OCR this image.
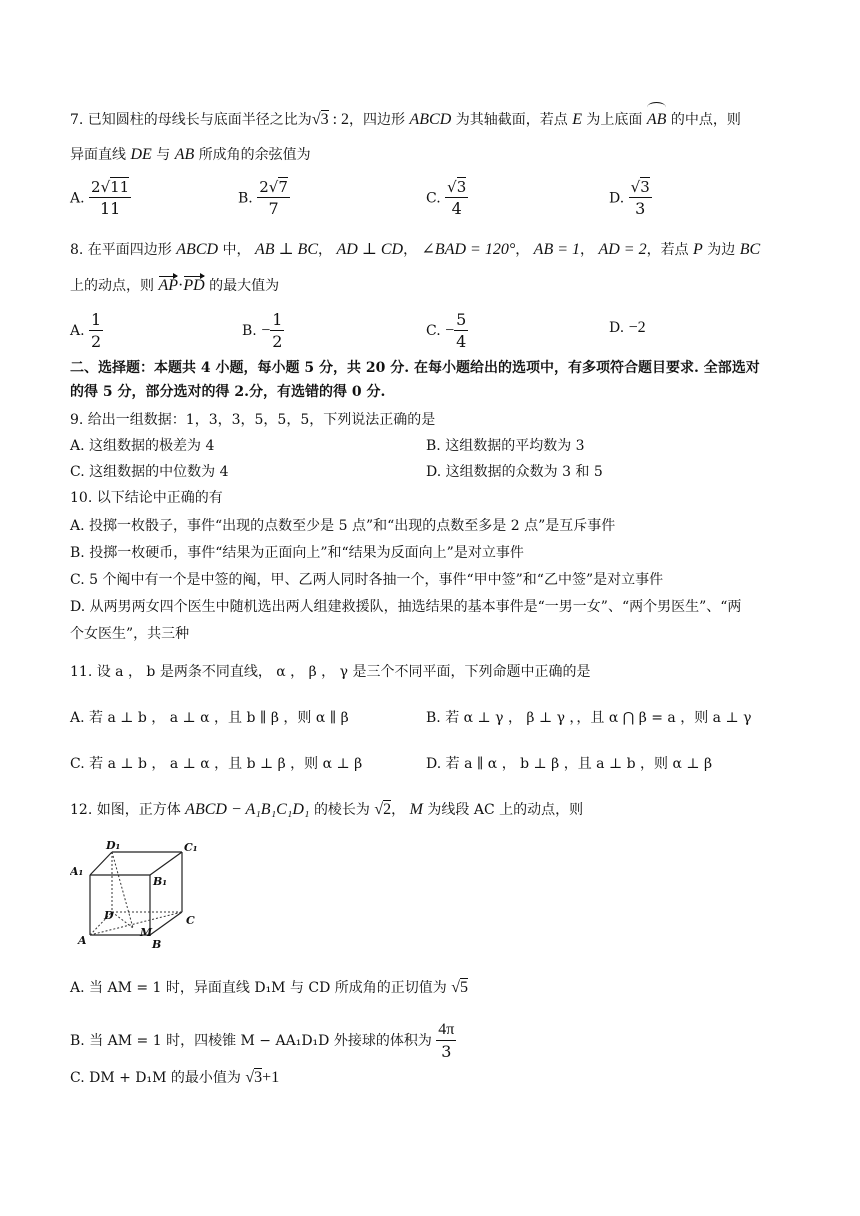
7. 已知圆柱的母线长与底面半径之比为√3 : 2，四边形 ABCD 为其轴截面，若点 E 为上底面 AB 的中点，则
异面直线 DE 与 AB 所成角的余弦值为
A. $\frac{2√11}{11}$	B. $\frac{2√7}{7}$	C. $\frac{√3}{4}$	D. $\frac{√3}{3}$
8. 在平面四边形 ABCD 中， AB ⊥ BC， AD ⊥ CD， ∠BAD = 120°， AB = 1， AD = 2，若点 P 为边 BC
上的动点，则 AP·PD 的最大值为
A. $\frac{1}{2}$	B. − $\frac{1}{2}$	C. − $\frac{5}{4}$	D. −2
二、选择题：本题共 4 小题，每小题 5 分，共 20 分. 在每小题给出的选项中，有多项符合题目要求. 全部选对
的得 5 分，部分选对的得 2.分，有选错的得 0 分.
9. 给出一组数据：1，3，3，5，5，5，下列说法正确的是
A. 这组数据的极差为 4	B. 这组数据的平均数为 3
C. 这组数据的中位数为 4	D. 这组数据的众数为 3 和 5
10. 以下结论中正确的有
A. 投掷一枚骰子，事件“出现的点数至少是 5 点”和“出现的点数至多是 2 点”是互斥事件
B. 投掷一枚硬币，事件“结果为正面向上”和“结果为反面向上”是对立事件
C. 5 个阄中有一个是中签的阄，甲、乙两人同时各抽一个，事件“甲中签”和“乙中签”是对立事件
D. 从两男两女四个医生中随机选出两人组建救援队，抽选结果的基本事件是“一男一女”、“两个男医生”、“两
个女医生”，共三种
11. 设 a ， b 是两条不同直线， α ， β ， γ 是三个不同平面，下列命题中正确的是
A. 若 a ⊥ b ， a ⊥ α ，且 b ∥ β ，则 α ∥ β	B. 若 α ⊥ γ ， β ⊥ γ ，，且 α ⋂ β = a ，则 a ⊥ γ
C. 若 a ⊥ b ， a ⊥ α ，且 b ⊥ β ，则 α ⊥ β	D. 若 a ∥ α ， b ⊥ β ，且 a ⊥ b ，则 α ⊥ β
12. 如图，正方体 ABCD − A₁B₁C₁D₁ 的棱长为 √2， M 为线段 AC 上的动点，则
D₁	C₁
A₁
B₁
D	C
A
M
B
A. 当 AM = 1 时，异面直线 D₁M 与 CD 所成角的正切值为 √5
B. 当 AM = 1 时，四棱锥 M − AA₁D₁D 外接球的体积为 $\frac{4\pi}{3}$
C. DM + D₁M 的最小值为 √3+1
